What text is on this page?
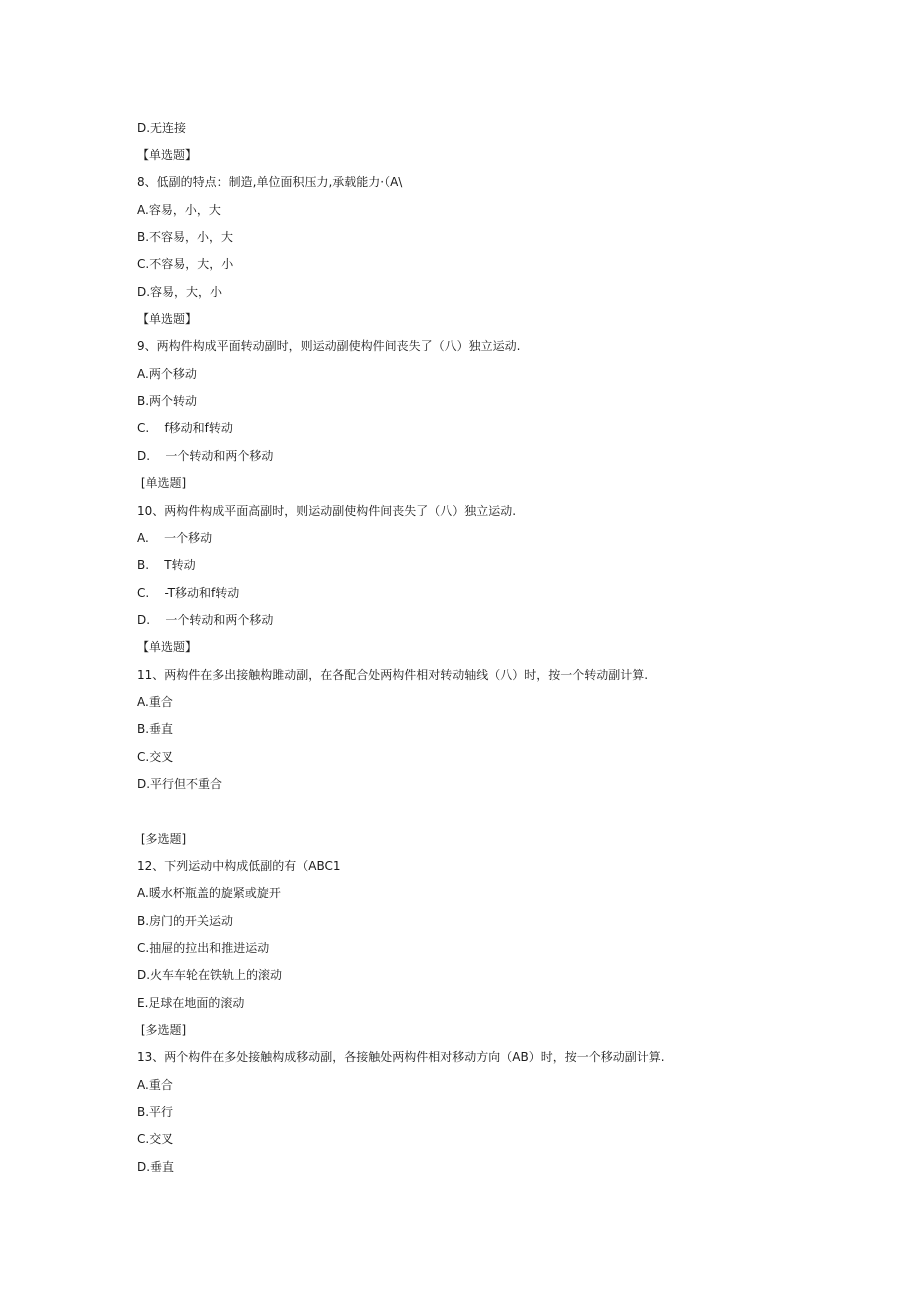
D.无连接
【单选题】
8、低副的特点：制造,单位面积压力,承载能力·（A\
A.容易，小，大
B.不容易，小，大
C.不容易，大，小
D.容易，大，小
【单选题】
9、两构件构成平面转动副时，则运动副使构件间丧失了（八）独立运动.
A.两个移动
B.两个转动
C.    f移动和f转动
D.    一个转动和两个移动
[单选题]
10、两构件构成平面高副时，则运动副使构件间丧失了（八）独立运动.
A.    一个移动
B.    T转动
C.    -T移动和f转动
D.    一个转动和两个移动
【单选题】
11、两构件在多出接触构雎动副，在各配合处两构件相对转动轴线（八）时，按一个转动副计算.
A.重合
B.垂直
C.交叉
D.平行但不重合
[多选题]
12、下列运动中构成低副的有（ABC1
A.暖水杯瓶盖的旋紧或旋开
B.房门的开关运动
C.抽屉的拉出和推进运动
D.火车车轮在铁轨上的滚动
E.足球在地面的滚动
[多选题]
13、两个构件在多处接触构成移动副，各接触处两构件相对移动方向（AB）时，按一个移动副计算.
A.重合
B.平行
C.交叉
D.垂直
